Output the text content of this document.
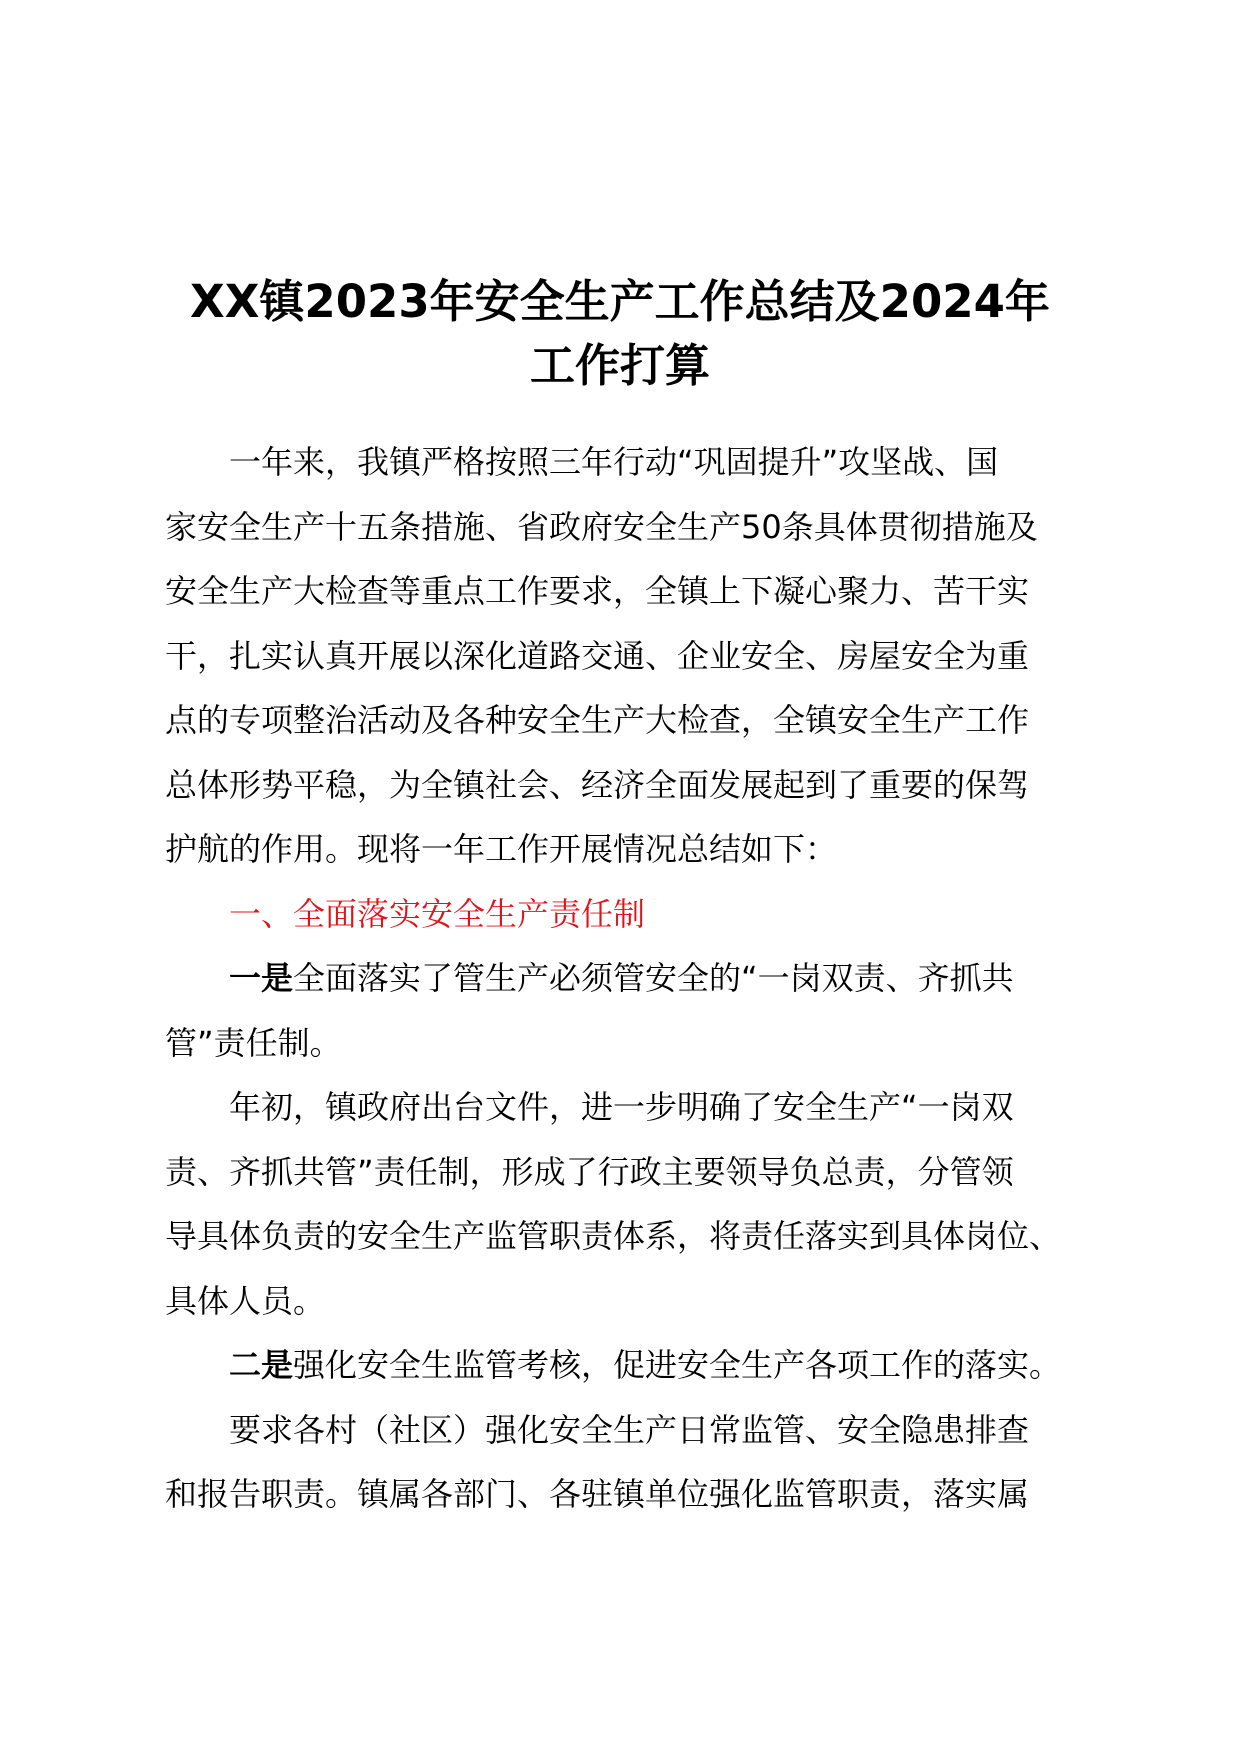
XX镇2023年安全生产工作总结及2024年
工作打算
一年来，我镇严格按照三年行动“巩固提升”攻坚战、国
家安全生产十五条措施、省政府安全生产50条具体贯彻措施及
安全生产大检查等重点工作要求，全镇上下凝心聚力、苦干实
干，扎实认真开展以深化道路交通、企业安全、房屋安全为重
点的专项整治活动及各种安全生产大检查，全镇安全生产工作
总体形势平稳，为全镇社会、经济全面发展起到了重要的保驾
护航的作用。现将一年工作开展情况总结如下：
一、全面落实安全生产责任制
一是全面落实了管生产必须管安全的“一岗双责、齐抓共
管”责任制。
年初，镇政府出台文件，进一步明确了安全生产“一岗双
责、齐抓共管”责任制，形成了行政主要领导负总责，分管领
导具体负责的安全生产监管职责体系，将责任落实到具体岗位、
具体人员。
二是强化安全生监管考核，促进安全生产各项工作的落实。
要求各村（社区）强化安全生产日常监管、安全隐患排查
和报告职责。镇属各部门、各驻镇单位强化监管职责，落实属
